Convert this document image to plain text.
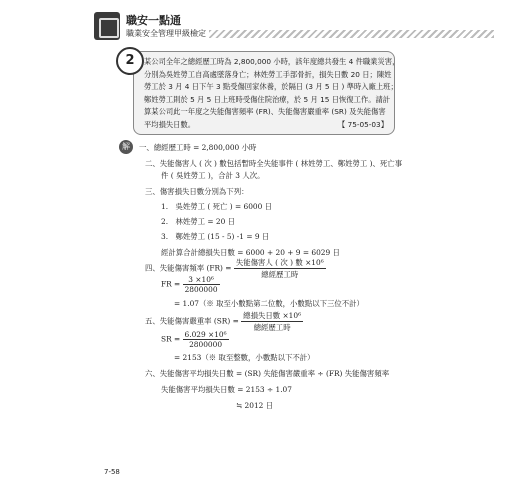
職安一點通
職業安全管理甲級檢定
2	某公司全年之總經歷工時為 2,800,000 小時，該年度總共發生 4 件職業災害，
分別為吳姓勞工自高處墜落身亡；林姓勞工手部骨折，損失日數 20 日；陳姓
勞工於 3 月 4 日下午 3 點受傷回家休養，於隔日 (3 月 5 日 ) 準時入廠上班；
鄭姓勞工則於 5 月 5 日上班時受傷住院治療，於 5 月 15 日恢復工作。請計
算某公司此一年度之失能傷害頻率 (FR)、失能傷害嚴重率 (SR) 及失能傷害
平均損失日數。	【 75-05-03】
解	一、總經歷工時 = 2,800,000 小時
二、失能傷害人 ( 次 ) 數包括暫時全失能事件 ( 林姓勞工、鄭姓勞工 )、死亡事
件 ( 吳姓勞工 )，合計 3 人次。
三、傷害損失日數分別為下列：
1.　吳姓勞工 ( 死亡 ) = 6000 日
2.　林姓勞工 = 20 日
3.　鄭姓勞工 (15 - 5) -1 = 9 日
經計算合計總損失日數 = 6000 + 20 + 9 = 6029 日
四、失能傷害頻率 $(FR) = \frac{\text{失能傷害人 ( 次 ) 數 ×10⁶}}{\text{總經歷工時}}$
FR = $\frac{\text{3 ×10⁶}}{2800000}$
= 1.07（※ 取至小數點第二位數，小數點以下三位不計）
五、失能傷害嚴重率 $(SR) = \frac{\text{總損失日數 ×10⁶}}{\text{總經歷工時}}$
SR = $\frac{\text{6.029 ×10⁶}}{2800000}$
= 2153（※ 取至整數，小數點以下不計）
六、失能傷害平均損失日數 = (SR) 失能傷害嚴重率 ÷ (FR) 失能傷害頻率
失能傷害平均損失日數 = 2153 ÷ 1.07
≒ 2012 日
7-58
